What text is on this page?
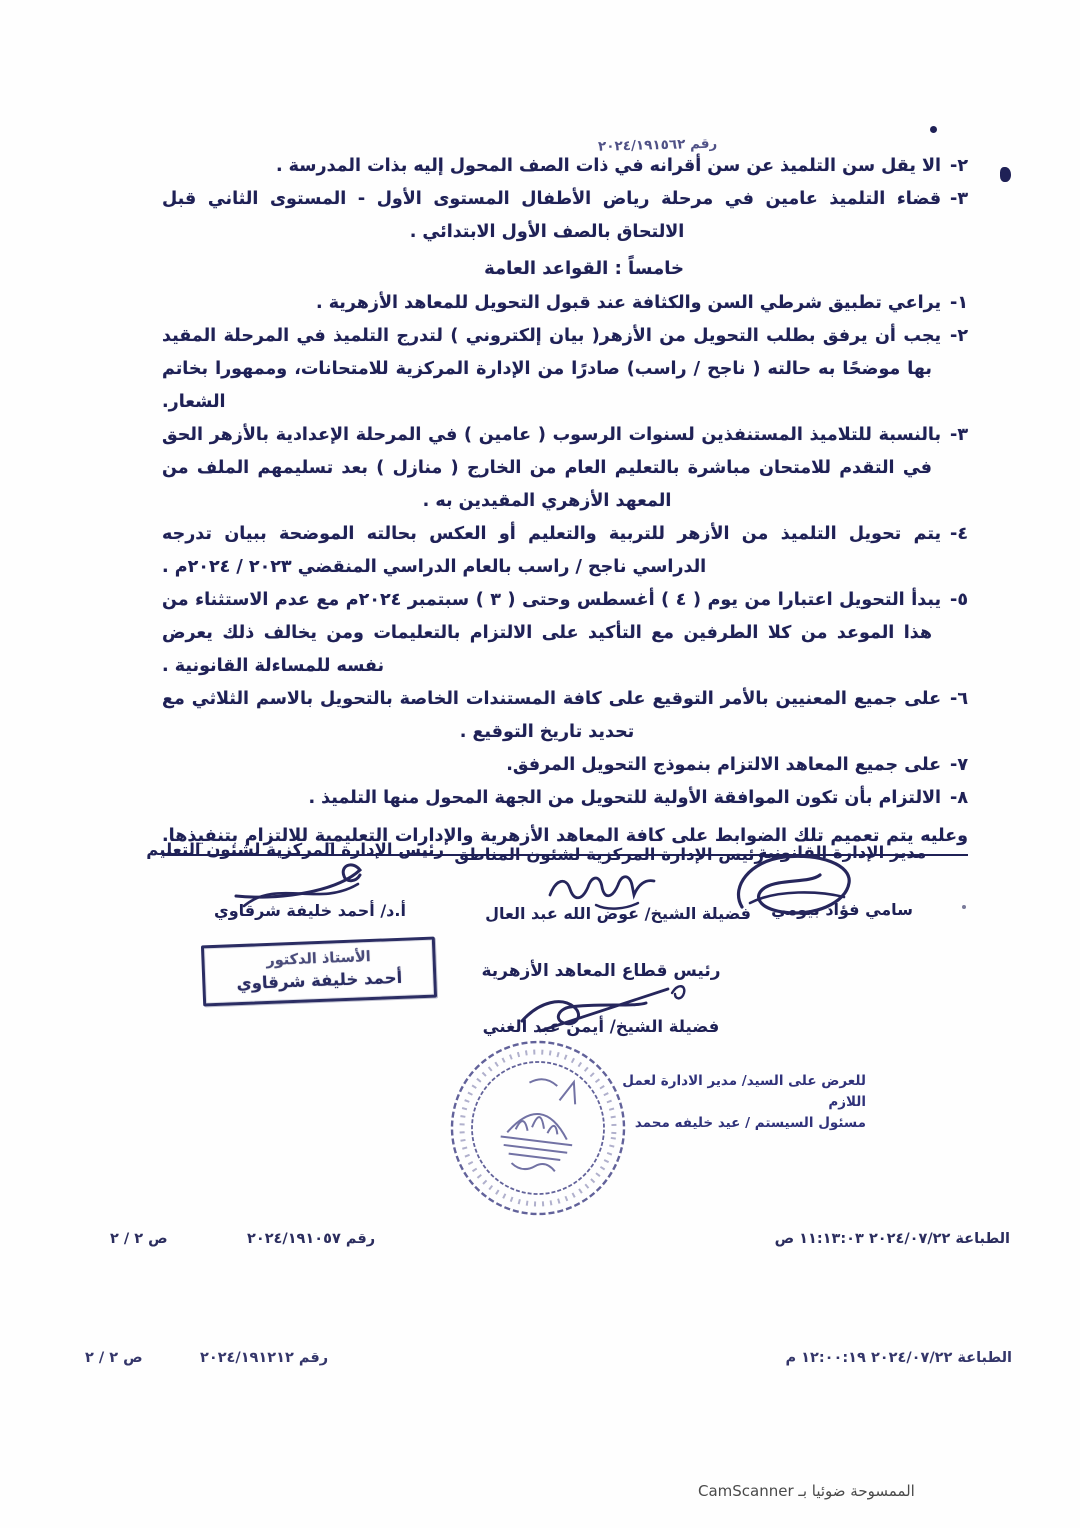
رقم ٢٠٢٤/١٩١٥٦٢
٢-الا يقل سن التلميذ عن سن أقرانه في ذات الصف المحول إليه بذات المدرسة .
٣-قضاء التلميذ عامين في مرحلة رياض الأطفال المستوى الأول - المستوى الثاني قبل الالتحاق بالصف الأول الابتدائي .
خامساً : القواعد العامة
١-يراعي تطبيق شرطي السن والكثافة عند قبول التحويل للمعاهد الأزهرية .
٢-يجب أن يرفق بطلب التحويل من الأزهر( بيان إلكتروني ) لتدرج التلميذ في المرحلة المقيد بها موضحًا به حالته ( ناجح / راسب) صادرًا من الإدارة المركزية للامتحانات، وممهورا بخاتم الشعار.
٣-بالنسبة للتلاميذ المستنفذين لسنوات الرسوب ( عامين ) في المرحلة الإعدادية بالأزهر الحق في التقدم للامتحان مباشرة بالتعليم العام من الخارج ( منازل ) بعد تسليمهم الملف من المعهد الأزهري المقيدين به .
٤-يتم تحويل التلميذ من الأزهر للتربية والتعليم أو العكس بحالته الموضحة ببيان تدرجه الدراسي ناجح / راسب بالعام الدراسي المنقضي ٢٠٢٣ / ٢٠٢٤م .
٥-يبدأ التحويل اعتبارا من يوم ( ٤ ) أغسطس وحتى ( ٣ ) سبتمبر ٢٠٢٤م مع عدم الاستثناء من هذا الموعد من كلا الطرفين مع التأكيد على الالتزام بالتعليمات ومن يخالف ذلك يعرض نفسه للمساءلة القانونية .
٦-على جميع المعنيين بالأمر التوقيع على كافة المستندات الخاصة بالتحويل بالاسم الثلاثي مع تحديد تاريخ التوقيع .
٧-على جميع المعاهد الالتزام بنموذج التحويل المرفق.
٨-الالتزام بأن تكون الموافقة الأولية للتحويل من الجهة المحول منها التلميذ .
وعليه يتم تعميم تلك الضوابط على كافة المعاهد الأزهرية والإدارات التعليمية للالتزام بتنفيذها.
مدير الإدارة القانونية
سامي فؤاد بيومي
رئيس الإدارة المركزية لشئون المناطق
فضيلة الشيخ/ عوض الله عبد العال
رئيس الإدارة المركزية لشئون التعليم
أ.د/ أحمد خليفة شرقاوي
الأستاذ الدكتور
أحمد خليفة شرقاوي	رئيس قطاع المعاهد الأزهرية
فضيلة الشيخ/ أيمن عبد الغني
للعرض على السيد/ مدير الادارة لعمل اللازم
مسئول السيستم / عيد خليفه محمد
الطباعة ٢٠٢٤/٠٧/٢٢ ١١:١٣:٠٣ ص
رقم ٢٠٢٤/١٩١٠٥٧
ص ٢ / ٢
الطباعة ٢٠٢٤/٠٧/٢٢ ١٢:٠٠:١٩ م
رقم ٢٠٢٤/١٩١٢١٢
ص ٢ / ٢
الممسوحة ضوئيا بـ CamScanner
